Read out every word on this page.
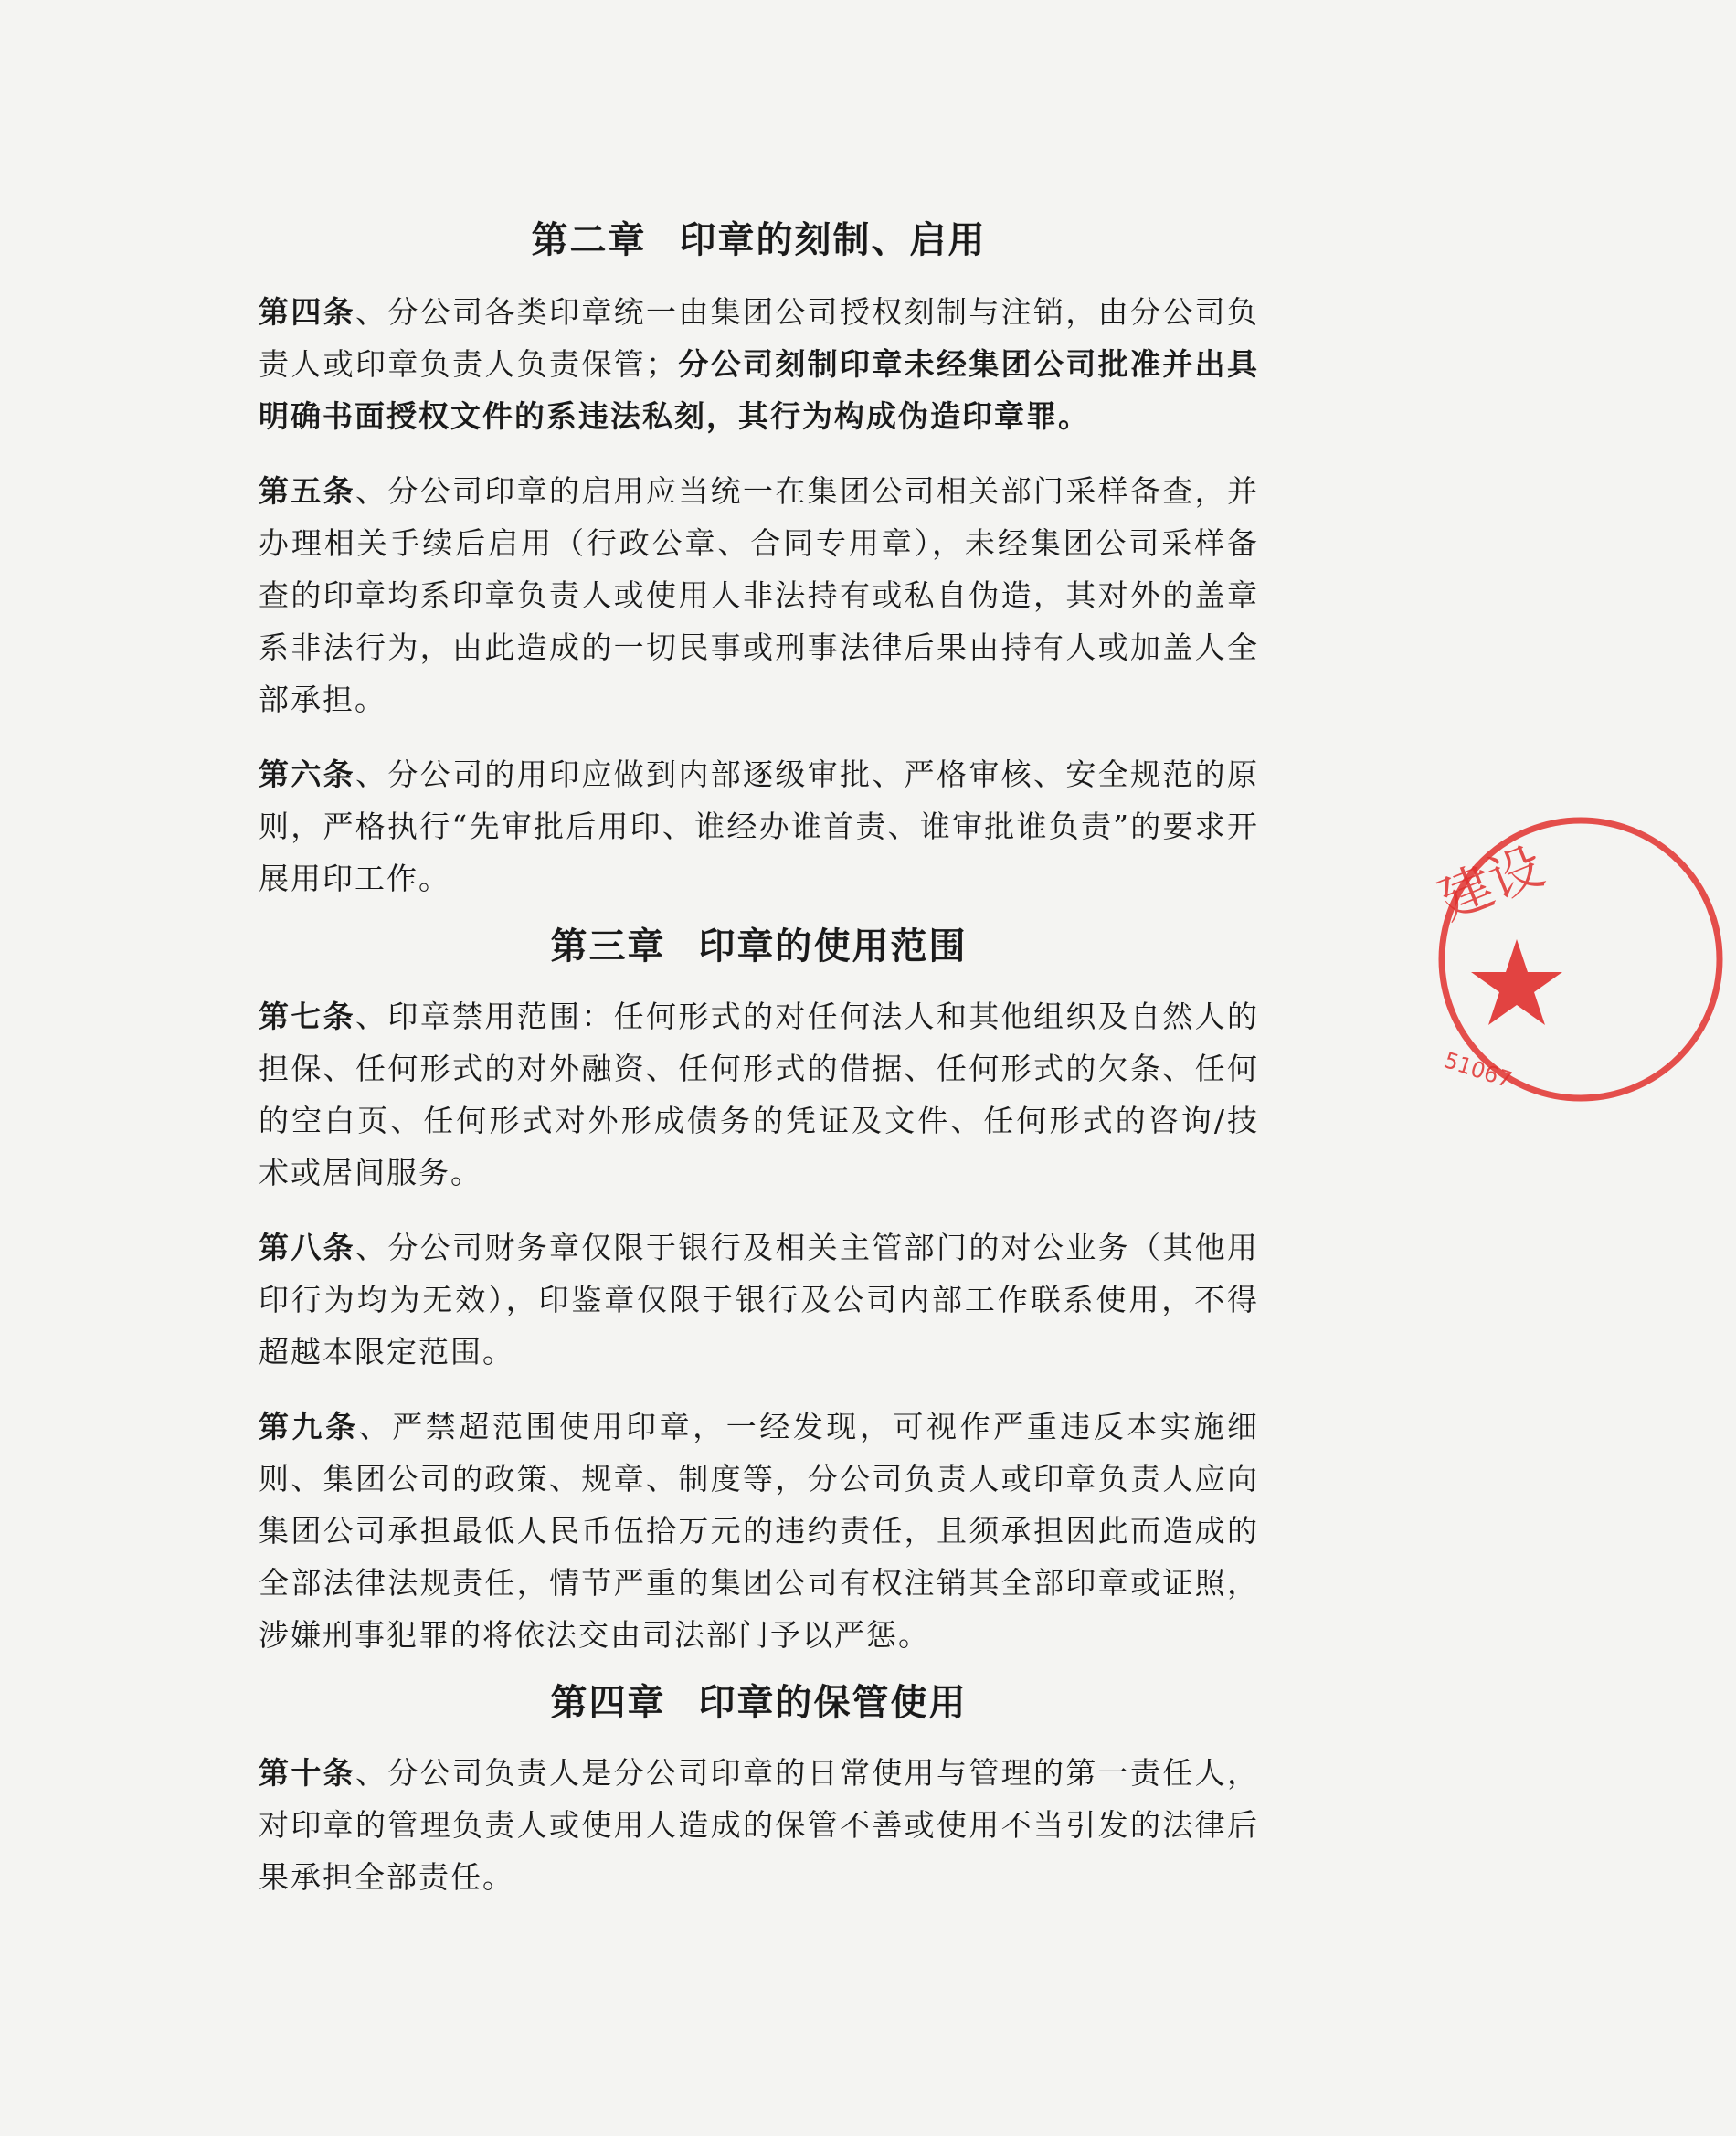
第二章 印章的刻制、启用

第四条、分公司各类印章统一由集团公司授权刻制与注销，由分公司负责人或印章负责人负责保管；分公司刻制印章未经集团公司批准并出具明确书面授权文件的系违法私刻，其行为构成伪造印章罪。

第五条、分公司印章的启用应当统一在集团公司相关部门采样备查，并办理相关手续后启用（行政公章、合同专用章），未经集团公司采样备查的印章均系印章负责人或使用人非法持有或私自伪造，其对外的盖章系非法行为，由此造成的一切民事或刑事法律后果由持有人或加盖人全部承担。

第六条、分公司的用印应做到内部逐级审批、严格审核、安全规范的原则，严格执行“先审批后用印、谁经办谁首责、谁审批谁负责”的要求开展用印工作。

第三章 印章的使用范围

第七条、印章禁用范围：任何形式的对任何法人和其他组织及自然人的担保、任何形式的对外融资、任何形式的借据、任何形式的欠条、任何的空白页、任何形式对外形成债务的凭证及文件、任何形式的咨询/技术或居间服务。

第八条、分公司财务章仅限于银行及相关主管部门的对公业务（其他用印行为均为无效），印鉴章仅限于银行及公司内部工作联系使用，不得超越本限定范围。

第九条、严禁超范围使用印章，一经发现，可视作严重违反本实施细则、集团公司的政策、规章、制度等，分公司负责人或印章负责人应向集团公司承担最低人民币伍拾万元的违约责任，且须承担因此而造成的全部法律法规责任，情节严重的集团公司有权注销其全部印章或证照，涉嫌刑事犯罪的将依法交由司法部门予以严惩。

第四章 印章的保管使用

第十条、分公司负责人是分公司印章的日常使用与管理的第一责任人，对印章的管理负责人或使用人造成的保管不善或使用不当引发的法律后果承担全部责任。

建设
51067
